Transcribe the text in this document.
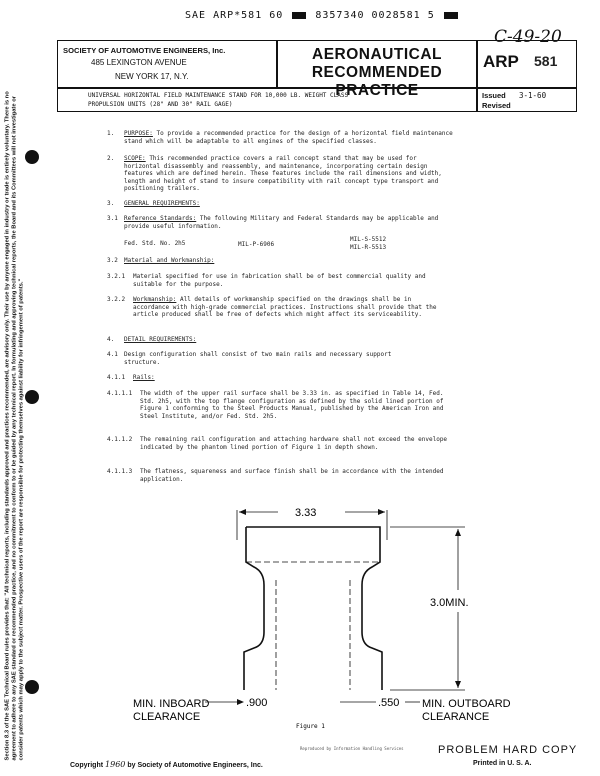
SAE ARP*581 60	8357340 0028581 5
C-49-20
SOCIETY OF AUTOMOTIVE ENGINEERS, Inc.
485 LEXINGTON AVENUE
NEW YORK 17, N.Y.
AERONAUTICAL
RECOMMENDED PRACTICE
ARP 581
UNIVERSAL HORIZONTAL FIELD MAINTENANCE STAND FOR 10,000 LB. WEIGHT CLASS
PROPULSION UNITS (28" AND 30" RAIL GAGE)
Issued 3-1-60
Revised
Section 8.3 of the SAE Technical Board rules provides that: "All technical reports, including standards approved and practices recommended, are advisory only. Their use by anyone engaged in industry or trade is entirely voluntary. There is no agreement to adhere to any SAE standard or recommended practice, and no commitment to conform to or be guided by any technical report. In formulating and approving technical reports, the Board and its Committees will not investigate or consider patents which may apply to the subject matter. Prospective users of the report are responsible for protecting themselves against liability for infringement of patents."
1. PURPOSE: To provide a recommended practice for the design of a horizontal field maintenance stand which will be adaptable to all engines of the specified classes.
2. SCOPE: This recommended practice covers a rail concept stand that may be used for horizontal disassembly and reassembly, and maintenance, incorporating certain design features which are defined herein. These features include the rail dimensions and width, length and height of stand to insure compatibility with rail concept type transport and positioning trailers.
3. GENERAL REQUIREMENTS:
3.1 Reference Standards: The following Military and Federal Standards may be applicable and provide useful information.
Fed. Std. No. 2h5	MIL-P-6906
MIL-S-5512
MIL-R-5513
3.2 Material and Workmanship:
3.2.1 Material specified for use in fabrication shall be of best commercial quality and suitable for the purpose.
3.2.2 Workmanship: All details of workmanship specified on the drawings shall be in accordance with high-grade commercial practices. Instructions shall provide that the article produced shall be free of defects which might affect its serviceability.
4. DETAIL REQUIREMENTS:
4.1 Design configuration shall consist of two main rails and necessary support structure.
4.1.1 Rails:
4.1.1.1 The width of the upper rail surface shall be 3.33 in. as specified in Table 14, Fed. Std. 2h5, with the top flange configuration as defined by the solid lined portion of Figure 1 conforming to the Steel Products Manual, published by the American Iron and Steel Institute, and/or Fed. Std. 2h5.
4.1.1.2 The remaining rail configuration and attaching hardware shall not exceed the envelope indicated by the phantom lined portion of Figure 1 in depth shown.
4.1.1.3 The flatness, squareness and surface finish shall be in accordance with the intended application.
3.33
3.0MIN.
.900	.550
MIN. INBOARD
CLEARANCE
MIN. OUTBOARD
CLEARANCE
Figure 1
Reproduced by Information Handling Services
Copyright 1960 by Society of Automotive Engineers, Inc.
PROBLEM HARD COPY
Printed in U. S. A.
